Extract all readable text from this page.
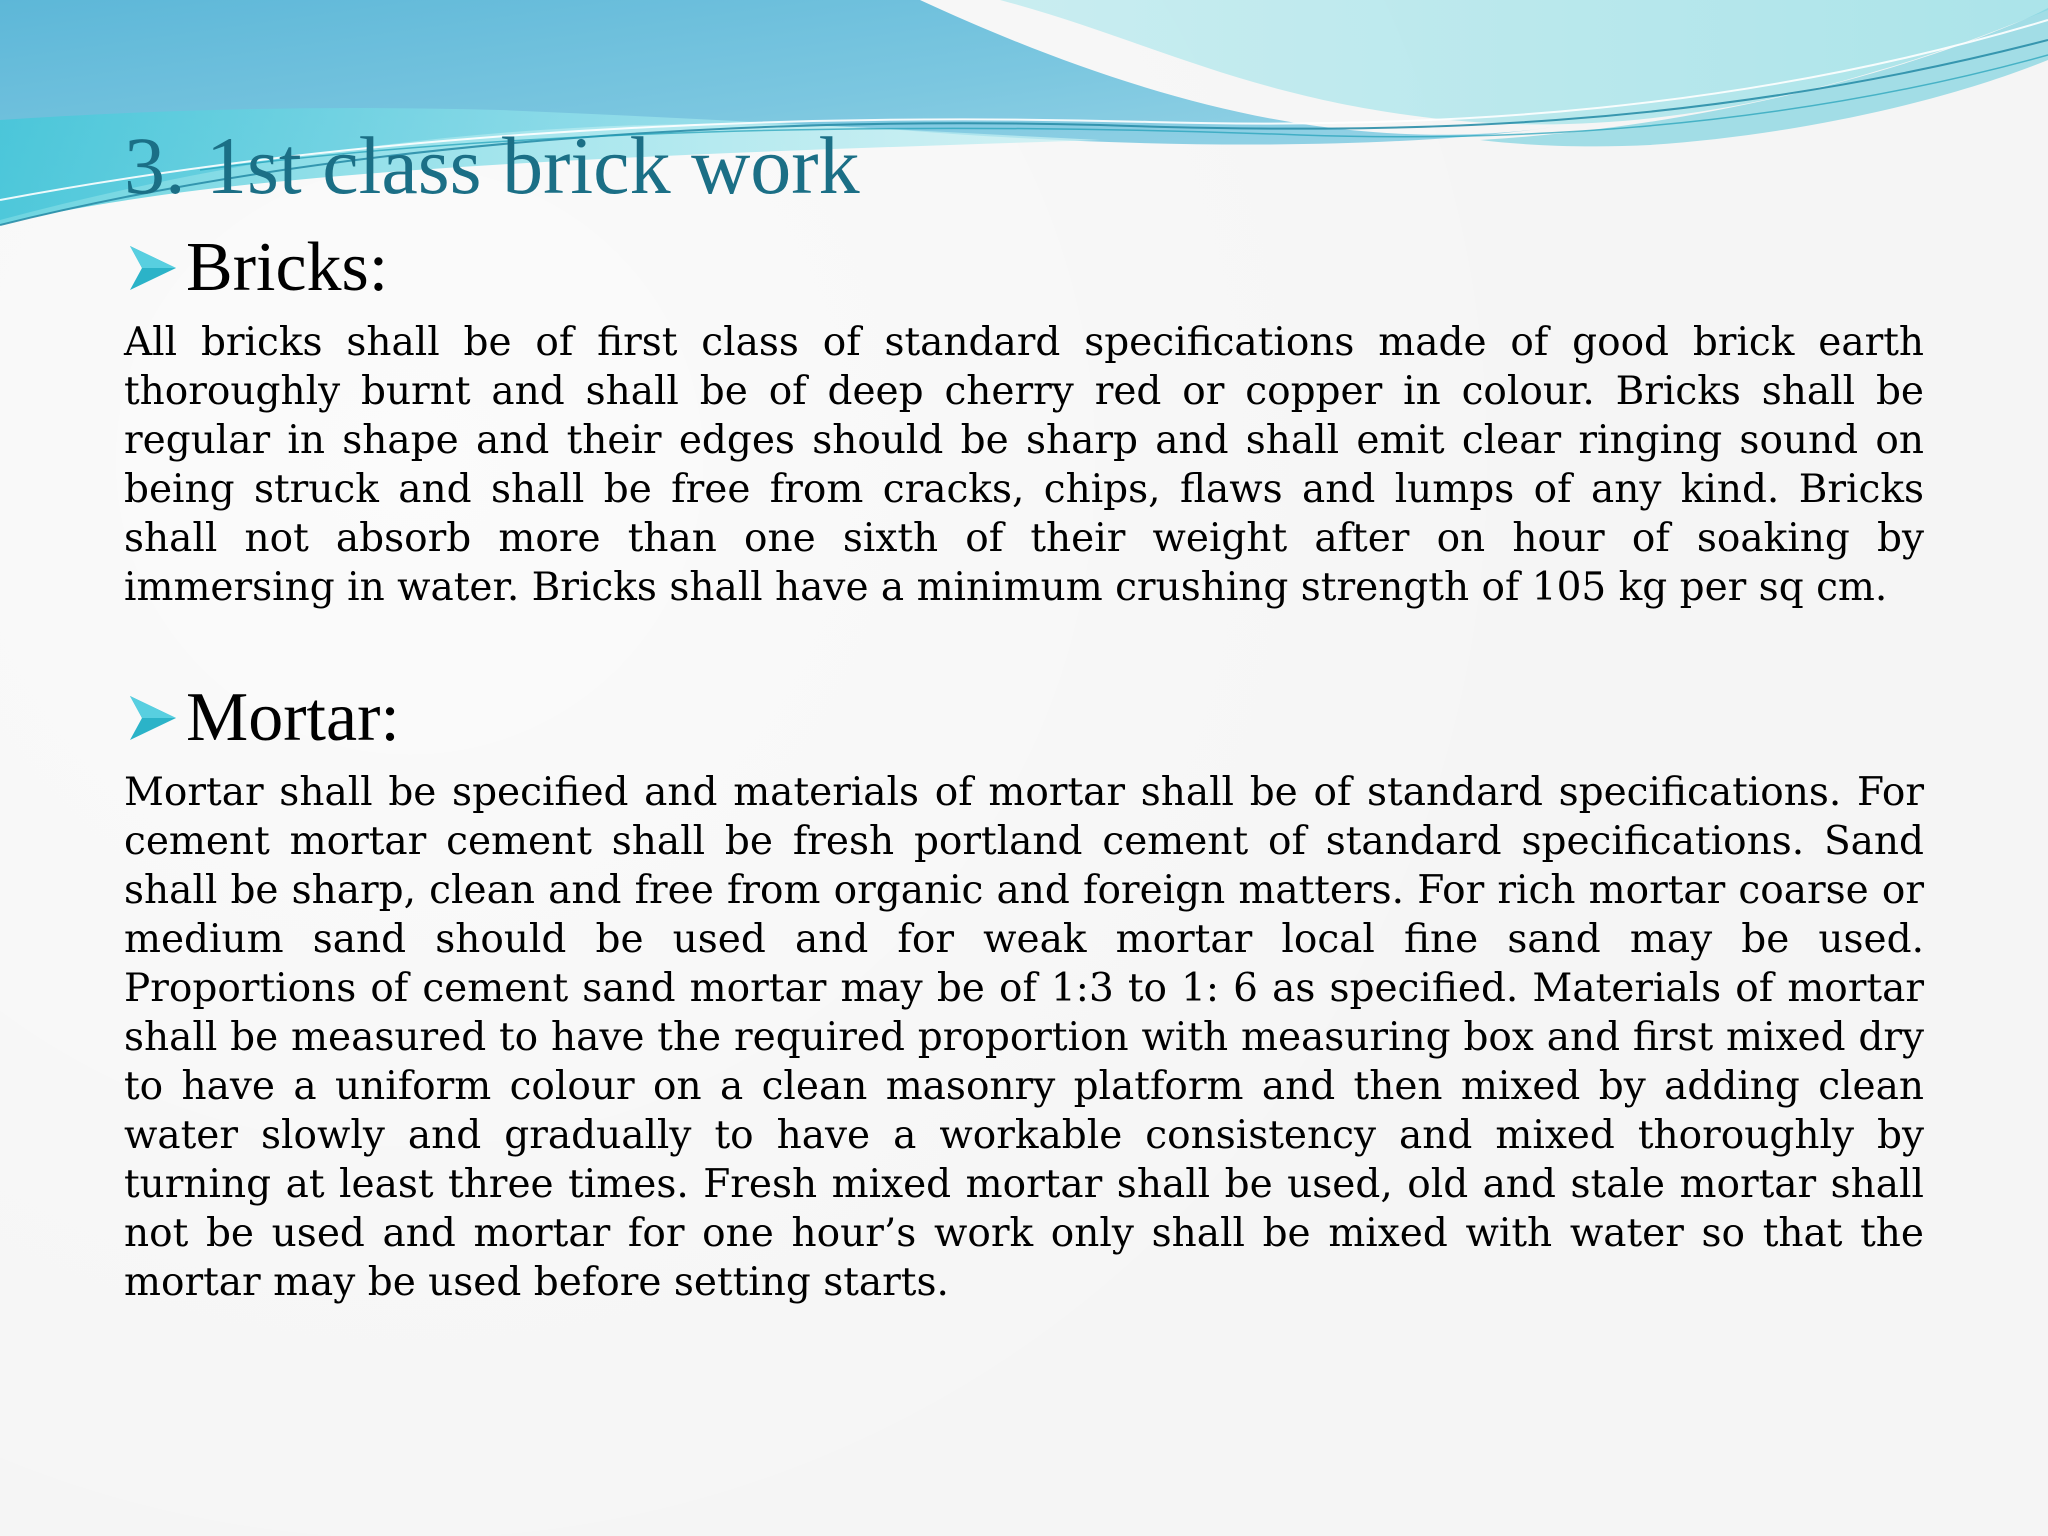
3. 1st class brick work
Bricks:

All bricks shall be of first class of standard specifications made of good brick earth thoroughly burnt and shall be of deep cherry red or copper in colour. Bricks shall be regular in shape and their edges should be sharp and shall emit clear ringing sound on being struck and shall be free from cracks, chips, flaws and lumps of any kind. Bricks shall not absorb more than one sixth of their weight after on hour of soaking by immersing in water. Bricks shall have a minimum crushing strength of 105 kg per sq cm.

Mortar:

Mortar shall be specified and materials of mortar shall be of standard specifications. For cement mortar cement shall be fresh portland cement of standard specifications. Sand shall be sharp, clean and free from organic and foreign matters. For rich mortar coarse or medium sand should be used and for weak mortar local fine sand may be used. Proportions of cement sand mortar may be of 1:3 to 1: 6 as specified. Materials of mortar shall be measured to have the required proportion with measuring box and first mixed dry to have a uniform colour on a clean masonry platform and then mixed by adding clean water slowly and gradually to have a workable consistency and mixed thoroughly by turning at least three times. Fresh mixed mortar shall be used, old and stale mortar shall not be used and mortar for one hour’s work only shall be mixed with water so that the mortar may be used before setting starts.
